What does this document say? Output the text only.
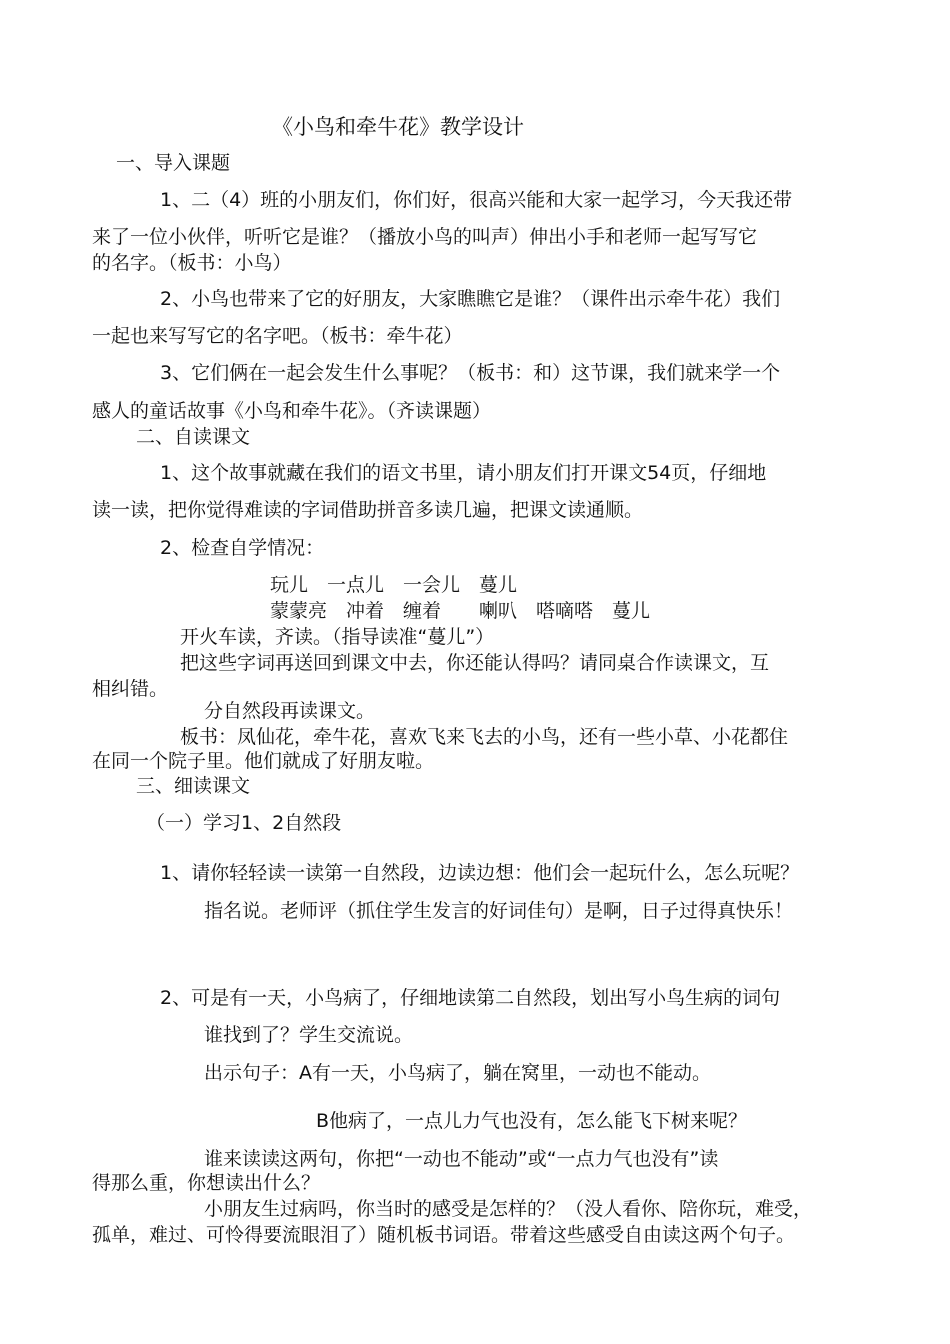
《小鸟和牵牛花》教学设计
一、导入课题
1、二（4）班的小朋友们，你们好，很高兴能和大家一起学习，今天我还带
来了一位小伙伴，听听它是谁？（播放小鸟的叫声）伸出小手和老师一起写写它
的名字。（板书：小鸟）
2、小鸟也带来了它的好朋友，大家瞧瞧它是谁？（课件出示牵牛花）我们
一起也来写写它的名字吧。（板书：牵牛花）
3、它们俩在一起会发生什么事呢？（板书：和）这节课，我们就来学一个
感人的童话故事《小鸟和牵牛花》。（齐读课题）
二、自读课文
1、这个故事就藏在我们的语文书里，请小朋友们打开课文54页，仔细地
读一读，把你觉得难读的字词借助拼音多读几遍，把课文读通顺。
2、检查自学情况：
玩儿　一点儿　一会儿　蔓儿
蒙蒙亮　冲着　缠着　　喇叭　嗒嘀嗒　蔓儿
开火车读，齐读。（指导读准“蔓儿”）
把这些字词再送回到课文中去，你还能认得吗？请同桌合作读课文，互
相纠错。
分自然段再读课文。
板书：凤仙花，牵牛花，喜欢飞来飞去的小鸟，还有一些小草、小花都住
在同一个院子里。他们就成了好朋友啦。
三、细读课文
（一）学习1、2自然段
1、请你轻轻读一读第一自然段，边读边想：他们会一起玩什么，怎么玩呢？
指名说。老师评（抓住学生发言的好词佳句）是啊，日子过得真快乐！
2、可是有一天，小鸟病了，仔细地读第二自然段，划出写小鸟生病的词句
谁找到了？学生交流说。
出示句子：A有一天，小鸟病了，躺在窝里，一动也不能动。
B他病了，一点儿力气也没有，怎么能飞下树来呢？
谁来读读这两句，你把“一动也不能动”或“一点力气也没有”读
得那么重，你想读出什么？
小朋友生过病吗，你当时的感受是怎样的？（没人看你、陪你玩，难受，
孤单，难过、可怜得要流眼泪了）随机板书词语。带着这些感受自由读这两个句子。
